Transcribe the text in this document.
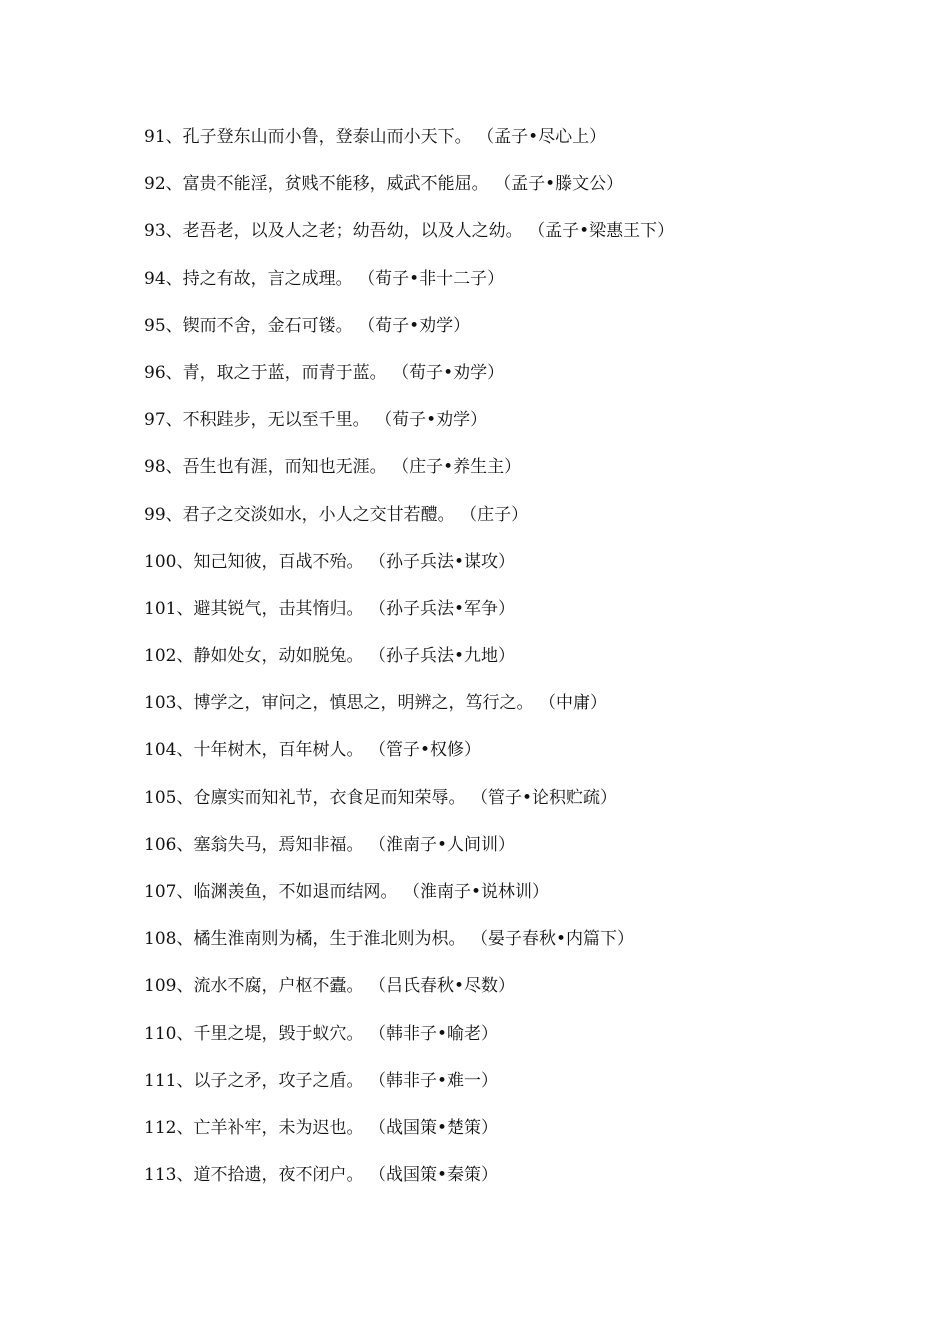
91、孔子登东山而小鲁，登泰山而小天下。 （孟子•尽心上）
92、富贵不能淫，贫贱不能移，威武不能屈。 （孟子•滕文公）
93、老吾老，以及人之老；幼吾幼，以及人之幼。 （孟子•梁惠王下）
94、持之有故，言之成理。 （荀子•非十二子）
95、锲而不舍，金石可镂。 （荀子•劝学）
96、青，取之于蓝，而青于蓝。 （荀子•劝学）
97、不积跬步，无以至千里。 （荀子•劝学）
98、吾生也有涯，而知也无涯。 （庄子•养生主）
99、君子之交淡如水，小人之交甘若醴。 （庄子）
100、知己知彼，百战不殆。 （孙子兵法•谋攻）
101、避其锐气，击其惰归。 （孙子兵法•军争）
102、静如处女，动如脱兔。 （孙子兵法•九地）
103、博学之，审问之，慎思之，明辨之，笃行之。 （中庸）
104、十年树木，百年树人。 （管子•权修）
105、仓廪实而知礼节，衣食足而知荣辱。 （管子•论积贮疏）
106、塞翁失马，焉知非福。 （淮南子•人间训）
107、临渊羡鱼，不如退而结网。 （淮南子•说林训）
108、橘生淮南则为橘，生于淮北则为枳。 （晏子春秋•内篇下）
109、流水不腐，户枢不蠹。 （吕氏春秋•尽数）
110、千里之堤，毁于蚁穴。 （韩非子•喻老）
111、以子之矛，攻子之盾。 （韩非子•难一）
112、亡羊补牢，未为迟也。 （战国策•楚策）
113、道不拾遗，夜不闭户。 （战国策•秦策）
